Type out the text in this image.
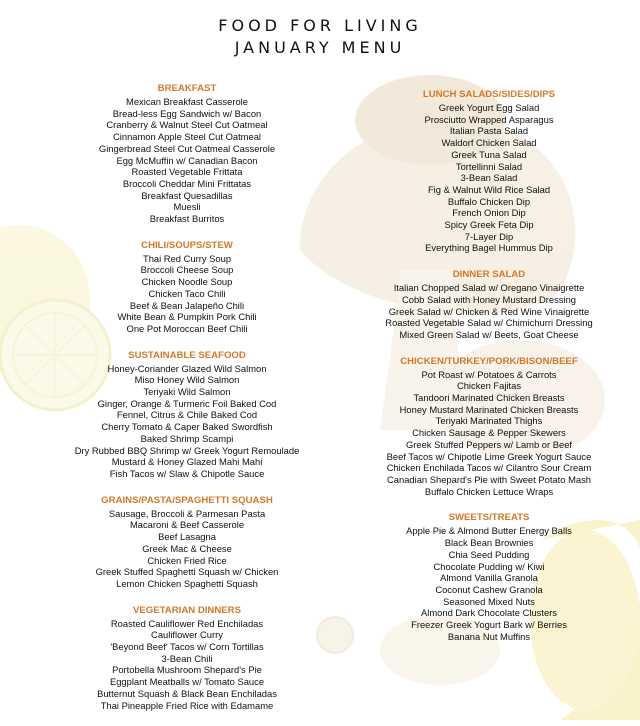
FOOD FOR LIVING
JANUARY MENU
BREAKFAST
Mexican Breakfast Casserole
Bread-less Egg Sandwich w/ Bacon
Cranberry & Walnut Steel Cut Oatmeal
Cinnamon Apple Steel Cut Oatmeal
Gingerbread Steel Cut Oatmeal Casserole
Egg McMuffin w/ Canadian Bacon
Roasted Vegetable Frittata
Broccoli Cheddar Mini Frittatas
Breakfast Quesadillas
Muesli
Breakfast Burritos
CHILI/SOUPS/STEW
Thai Red Curry Soup
Broccoli Cheese Soup
Chicken Noodle Soup
Chicken Taco Chili
Beef & Bean Jalapeño Chili
White Bean & Pumpkin Pork Chili
One Pot Moroccan Beef Chili
SUSTAINABLE SEAFOOD
Honey-Coriander Glazed Wild Salmon
Miso Honey Wild Salmon
Teriyaki Wild Salmon
Ginger, Orange & Turmeric Foil Baked Cod
Fennel, Citrus & Chile Baked Cod
Cherry Tomato & Caper Baked Swordfish
Baked Shrimp Scampi
Dry Rubbed BBQ Shrimp w/ Greek Yogurt Remoulade
Mustard & Honey Glazed Mahi Mahi
Fish Tacos w/ Slaw & Chipotle Sauce
GRAINS/PASTA/SPAGHETTI SQUASH
Sausage, Broccoli & Parmesan Pasta
Macaroni & Beef Casserole
Beef Lasagna
Greek Mac & Cheese
Chicken Fried Rice
Greek Stuffed Spaghetti Squash w/ Chicken
Lemon Chicken Spaghetti Squash
VEGETARIAN DINNERS
Roasted Cauliflower Red Enchiladas
Cauliflower Curry
'Beyond Beef' Tacos w/ Corn Tortillas
3-Bean Chili
Portobella Mushroom Shepard's Pie
Eggplant Meatballs w/ Tomato Sauce
Butternut Squash & Black Bean Enchiladas
Thai Pineapple Fried Rice with Edamame
LUNCH SALADS/SIDES/DIPS
Greek Yogurt Egg Salad
Prosciutto Wrapped Asparagus
Italian Pasta Salad
Waldorf Chicken Salad
Greek Tuna Salad
Tortellinni Salad
3-Bean Salad
Fig & Walnut Wild Rice Salad
Buffalo Chicken Dip
French Onion Dip
Spicy Greek Feta Dip
7-Layer Dip
Everything Bagel Hummus Dip
DINNER SALAD
Italian Chopped Salad w/ Oregano Vinaigrette
Cobb Salad with Honey Mustard Dressing
Greek Salad w/ Chicken & Red Wine Vinaigrette
Roasted Vegetable Salad w/ Chimichurri Dressing
Mixed Green Salad w/ Beets, Goat Cheese
CHICKEN/TURKEY/PORK/BISON/BEEF
Pot Roast w/ Potatoes & Carrots
Chicken Fajitas
Tandoori Marinated Chicken Breasts
Honey Mustard Marinated Chicken Breasts
Teriyaki Marinated Thighs
Chicken Sausage & Pepper Skewers
Greek Stuffed Peppers w/ Lamb or Beef
Beef Tacos w/ Chipotle Lime Greek Yogurt Sauce
Chicken Enchilada Tacos w/ Cilantro Sour Cream
Canadian Shepard's Pie with Sweet Potato Mash
Buffalo Chicken Lettuce Wraps
SWEETS/TREATS
Apple Pie & Almond Butter Energy Balls
Black Bean Brownies
Chia Seed Pudding
Chocolate Pudding w/ Kiwi
Almond Vanilla Granola
Coconut Cashew Granola
Seasoned Mixed Nuts
Almond Dark Chocolate Clusters
Freezer Greek Yogurt Bark w/ Berries
Banana Nut Muffins
